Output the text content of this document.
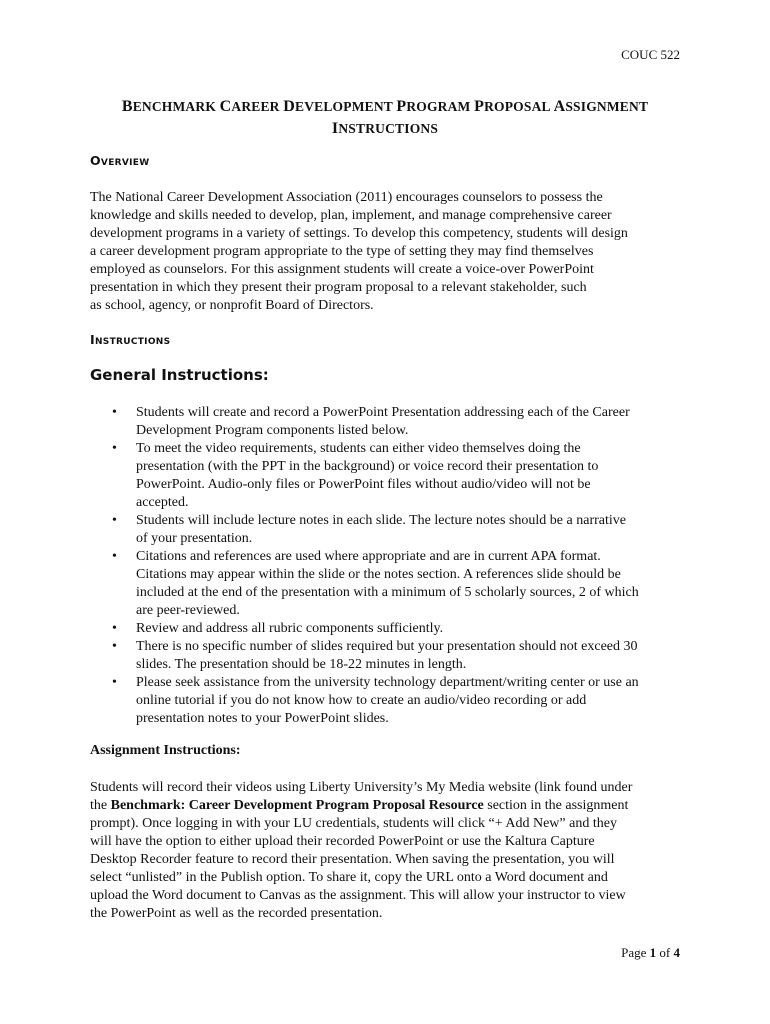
COUC 522
BENCHMARK CAREER DEVELOPMENT PROGRAM PROPOSAL ASSIGNMENT
INSTRUCTIONS
Overview
The National Career Development Association (2011) encourages counselors to possess the
knowledge and skills needed to develop, plan, implement, and manage comprehensive career
development programs in a variety of settings. To develop this competency, students will design
a career development program appropriate to the type of setting they may find themselves
employed as counselors. For this assignment students will create a voice-over PowerPoint
presentation in which they present their program proposal to a relevant stakeholder, such
as school, agency, or nonprofit Board of Directors.
Instructions
General Instructions:
• Students will create and record a PowerPoint Presentation addressing each of the Career
Development Program components listed below.
• To meet the video requirements, students can either video themselves doing the
presentation (with the PPT in the background) or voice record their presentation to
PowerPoint. Audio-only files or PowerPoint files without audio/video will not be
accepted.
• Students will include lecture notes in each slide. The lecture notes should be a narrative
of your presentation.
• Citations and references are used where appropriate and are in current APA format.
Citations may appear within the slide or the notes section. A references slide should be
included at the end of the presentation with a minimum of 5 scholarly sources, 2 of which
are peer-reviewed.
• Review and address all rubric components sufficiently.
• There is no specific number of slides required but your presentation should not exceed 30
slides. The presentation should be 18-22 minutes in length.
• Please seek assistance from the university technology department/writing center or use an
online tutorial if you do not know how to create an audio/video recording or add
presentation notes to your PowerPoint slides.
Assignment Instructions:
Students will record their videos using Liberty University’s My Media website (link found under
the Benchmark: Career Development Program Proposal Resource section in the assignment
prompt). Once logging in with your LU credentials, students will click “+ Add New” and they
will have the option to either upload their recorded PowerPoint or use the Kaltura Capture
Desktop Recorder feature to record their presentation. When saving the presentation, you will
select “unlisted” in the Publish option. To share it, copy the URL onto a Word document and
upload the Word document to Canvas as the assignment. This will allow your instructor to view
the PowerPoint as well as the recorded presentation.
Page 1 of 4
